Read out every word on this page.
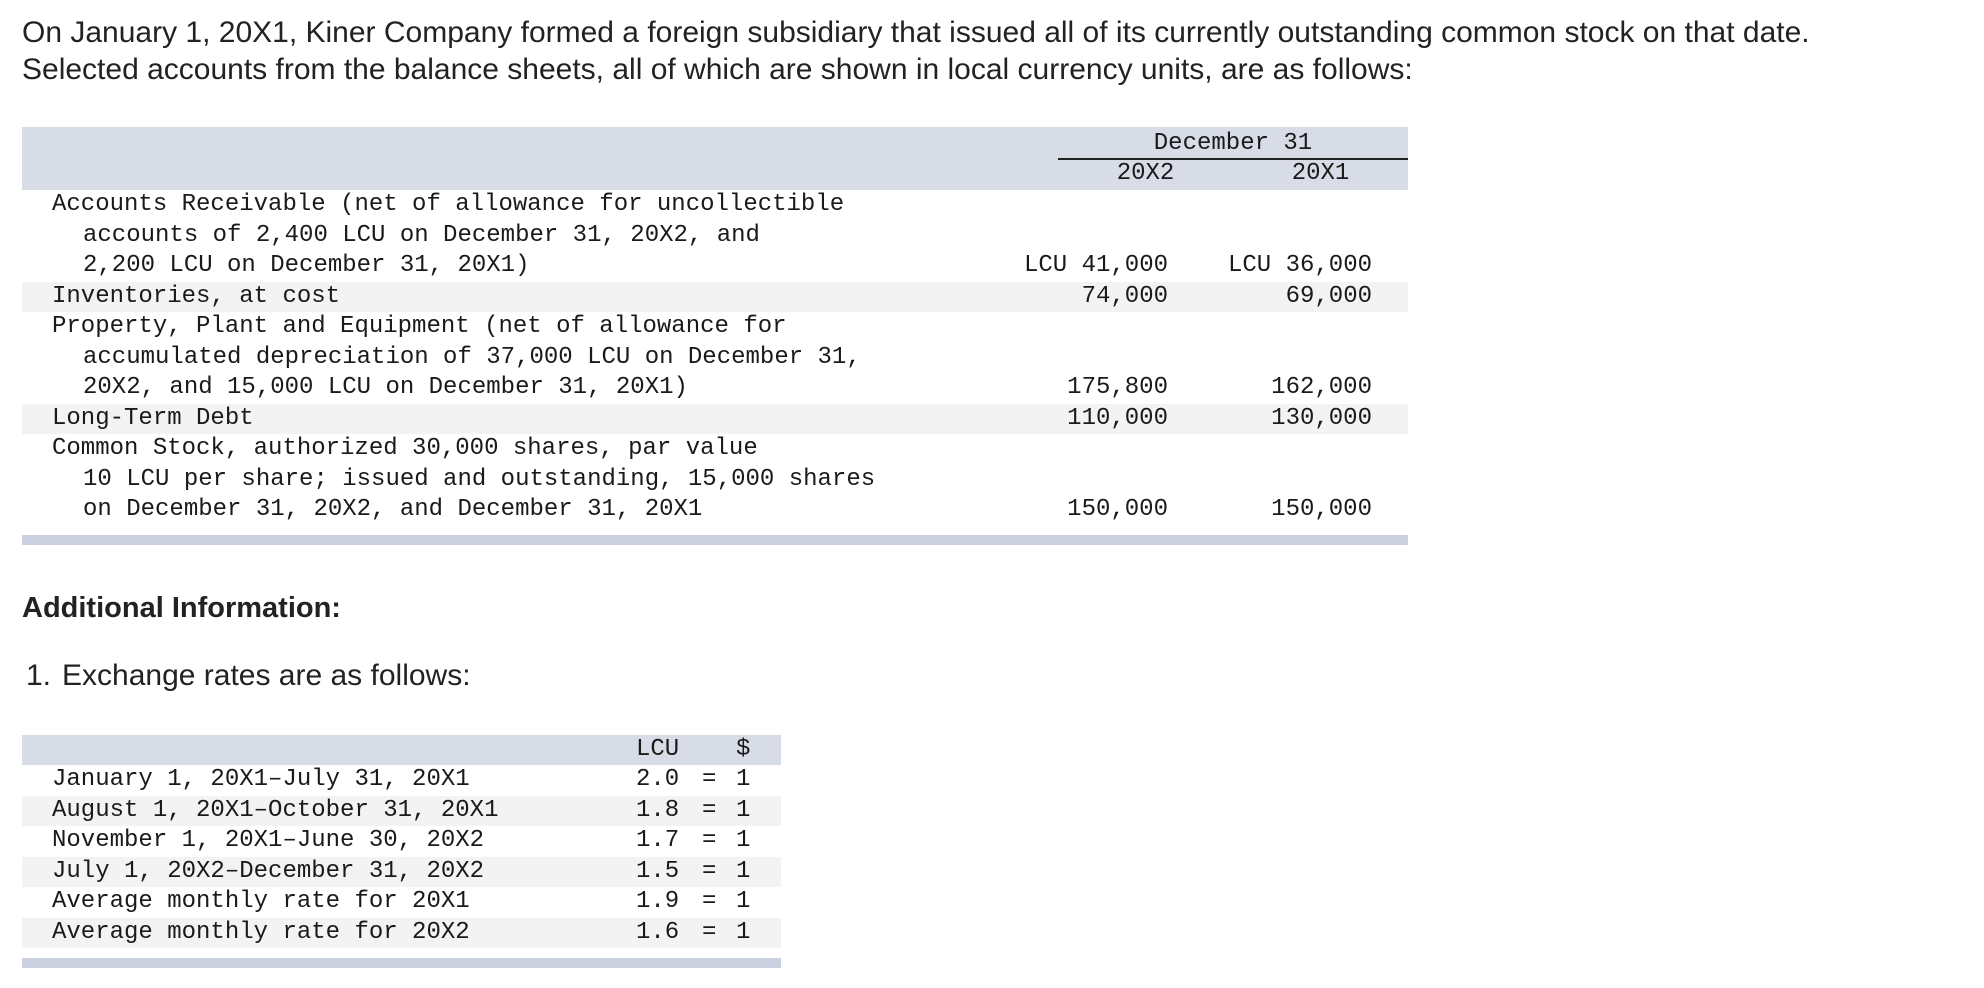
On January 1, 20X1, Kiner Company formed a foreign subsidiary that issued all of its currently outstanding common stock on that date.
Selected accounts from the balance sheets, all of which are shown in local currency units, are as follows:
December 31
20X2	20X1
Accounts Receivable (net of allowance for uncollectible
accounts of 2,400 LCU on December 31, 20X2, and
2,200 LCU on December 31, 20X1)	LCU 41,000 LCU 36,000
Inventories, at cost	74,000	69,000
Property, Plant and Equipment (net of allowance for
accumulated depreciation of 37,000 LCU on December 31,
20X2, and 15,000 LCU on December 31, 20X1)	175,800	162,000
Long-Term Debt	110,000	130,000
Common Stock, authorized 30,000 shares, par value
10 LCU per share; issued and outstanding, 15,000 shares
on December 31, 20X2, and December 31, 20X1	150,000	150,000
Additional Information:
1. Exchange rates are as follows:
LCU $
January 1, 20X1–July 31, 20X1	2.0 = 1
August 1, 20X1–October 31, 20X1	1.8 = 1
November 1, 20X1–June 30, 20X2	1.7 = 1
July 1, 20X2–December 31, 20X2	1.5 = 1
Average monthly rate for 20X1	1.9 = 1
Average monthly rate for 20X2	1.6 = 1
